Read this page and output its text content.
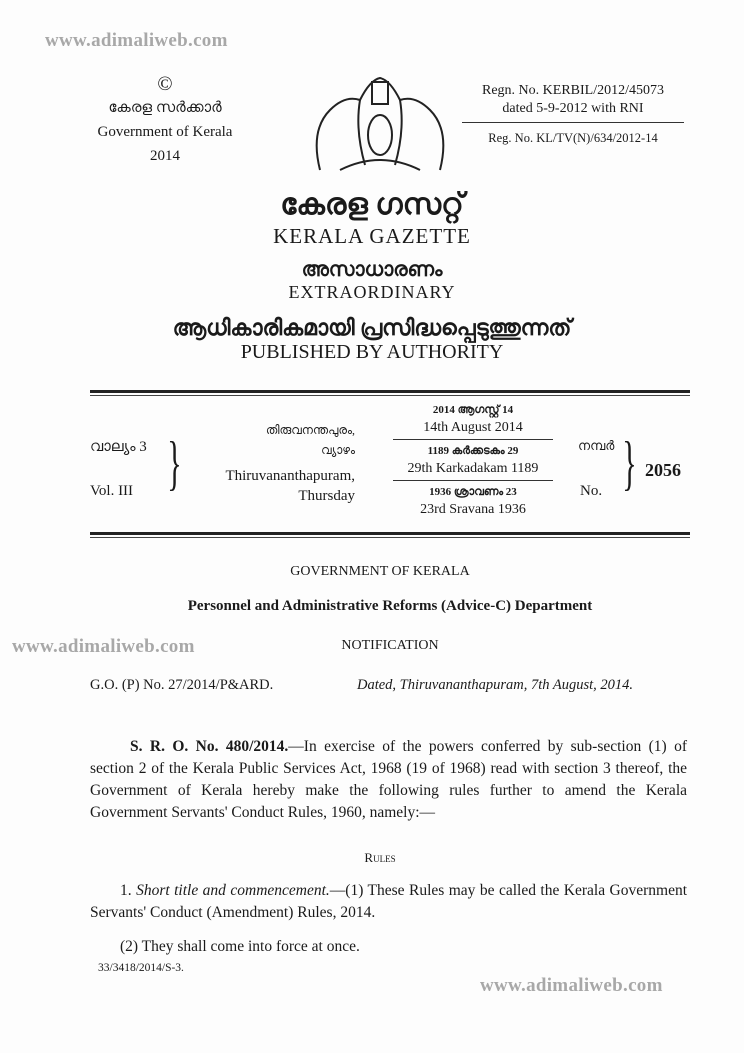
www.adimaliweb.com
www.adimaliweb.com
www.adimaliweb.com
©
കേരള സർക്കാർ
Government of Kerala
2014
Regn. No. KERBIL/2012/45073
dated 5-9-2012 with RNI
Reg. No. KL/TV(N)/634/2012-14
കേരള ഗസറ്റ്
KERALA GAZETTE
അസാധാരണം
EXTRAORDINARY
ആധികാരികമായി പ്രസിദ്ധപ്പെടുത്തുന്നത്
PUBLISHED BY AUTHORITY
വാല്യം 3
Vol. III }	തിരുവനന്തപുരം,
വ്യാഴം
Thiruvananthapuram,
Thursday
2014 ആഗസ്റ്റ് 14
14th August 2014
1189 കർക്കടകം 29
29th Karkadakam 1189
1936 ശ്രാവണം 23
23rd Sravana 1936
നമ്പർ
No. } 2056
GOVERNMENT OF KERALA
Personnel and Administrative Reforms (Advice-C) Department
NOTIFICATION
G.O. (P) No. 27/2014/P&ARD.	Dated, Thiruvananthapuram, 7th August, 2014.

S. R. O. No. 480/2014.—In exercise of the powers conferred by sub-section (1) of section 2 of the Kerala Public Services Act, 1968 (19 of 1968) read with section 3 thereof, the Government of Kerala hereby make the following rules further to amend the Kerala Government Servants' Conduct Rules, 1960, namely:—

Rules

1. Short title and commencement.—(1) These Rules may be called the Kerala Government Servants' Conduct (Amendment) Rules, 2014.

(2) They shall come into force at once.

33/3418/2014/S-3.
